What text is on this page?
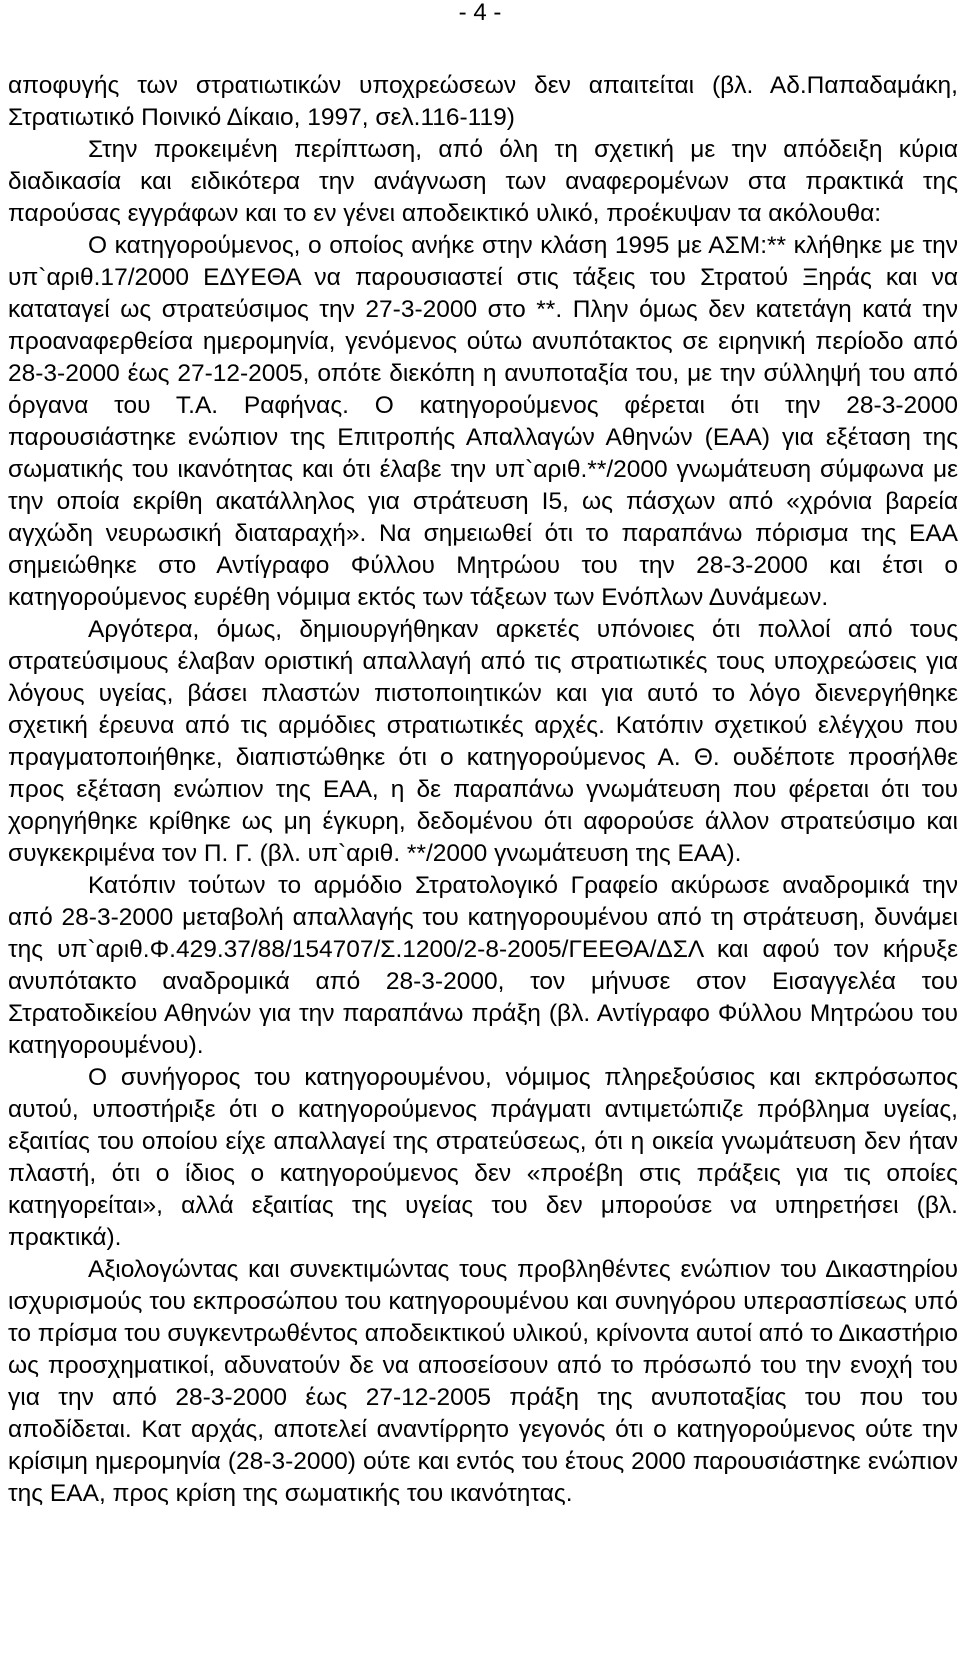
- 4 -

αποφυγής των στρατιωτικών υποχρεώσεων δεν απαιτείται (βλ. Αδ.Παπαδαμάκη, Στρατιωτικό Ποινικό Δίκαιο, 1997, σελ.116-119)

Στην προκειμένη περίπτωση, από όλη τη σχετική με την απόδειξη κύρια διαδικασία και ειδικότερα την ανάγνωση των αναφερομένων στα πρακτικά της παρούσας εγγράφων και το εν γένει αποδεικτικό υλικό, προέκυψαν τα ακόλουθα:

Ο κατηγορούμενος, ο οποίος ανήκε στην κλάση 1995 με ΑΣΜ:** κλήθηκε με την υπ`αριθ.17/2000 ΕΔΥΕΘΑ να παρουσιαστεί στις τάξεις του Στρατού Ξηράς και να καταταγεί ως στρατεύσιμος την 27-3-2000 στο **. Πλην όμως δεν κατετάγη κατά την προαναφερθείσα ημερομηνία, γενόμενος ούτω ανυπότακτος σε ειρηνική περίοδο από 28-3-2000 έως 27-12-2005, οπότε διεκόπη η ανυποταξία του, με την σύλληψή του από όργανα του Τ.Α. Ραφήνας. Ο κατηγορούμενος φέρεται ότι την 28-3-2000 παρουσιάστηκε ενώπιον της Επιτροπής Απαλλαγών Αθηνών (ΕΑΑ) για εξέταση της σωματικής του ικανότητας και ότι έλαβε την υπ`αριθ.**/2000 γνωμάτευση σύμφωνα με την οποία εκρίθη ακατάλληλος για στράτευση Ι5, ως πάσχων από «χρόνια βαρεία αγχώδη νευρωσική διαταραχή». Να σημειωθεί ότι το παραπάνω πόρισμα της ΕΑΑ σημειώθηκε στο Αντίγραφο Φύλλου Μητρώου του την 28-3-2000 και έτσι ο κατηγορούμενος ευρέθη νόμιμα εκτός των τάξεων των Ενόπλων Δυνάμεων.

Αργότερα, όμως, δημιουργήθηκαν αρκετές υπόνοιες ότι πολλοί από τους στρατεύσιμους έλαβαν οριστική απαλλαγή από τις στρατιωτικές τους υποχρεώσεις για λόγους υγείας, βάσει πλαστών πιστοποιητικών και για αυτό το λόγο διενεργήθηκε σχετική έρευνα από τις αρμόδιες στρατιωτικές αρχές. Κατόπιν σχετικού ελέγχου που πραγματοποιήθηκε, διαπιστώθηκε ότι ο κατηγορούμενος Α. Θ. ουδέποτε προσήλθε προς εξέταση ενώπιον της ΕΑΑ, η δε παραπάνω γνωμάτευση που φέρεται ότι του χορηγήθηκε κρίθηκε ως μη έγκυρη, δεδομένου ότι αφορούσε άλλον στρατεύσιμο και συγκεκριμένα τον Π. Γ. (βλ. υπ`αριθ. **/2000 γνωμάτευση της ΕΑΑ).

Κατόπιν τούτων το αρμόδιο Στρατολογικό Γραφείο ακύρωσε αναδρομικά την από 28-3-2000 μεταβολή απαλλαγής του κατηγορουμένου από τη στράτευση, δυνάμει της υπ`αριθ.Φ.429.37/88/154707/Σ.1200/2-8-2005/ΓΕΕΘΑ/ΔΣΛ και αφού τον κήρυξε ανυπότακτο αναδρομικά από 28-3-2000, τον μήνυσε στον Εισαγγελέα του Στρατοδικείου Αθηνών για την παραπάνω πράξη (βλ. Αντίγραφο Φύλλου Μητρώου του κατηγορουμένου).

Ο συνήγορος του κατηγορουμένου, νόμιμος πληρεξούσιος και εκπρόσωπος αυτού, υποστήριξε ότι ο κατηγορούμενος πράγματι αντιμετώπιζε πρόβλημα υγείας, εξαιτίας του οποίου είχε απαλλαγεί της στρατεύσεως, ότι η οικεία γνωμάτευση δεν ήταν πλαστή, ότι ο ίδιος ο κατηγορούμενος δεν «προέβη στις πράξεις για τις οποίες κατηγορείται», αλλά εξαιτίας της υγείας του δεν μπορούσε να υπηρετήσει (βλ. πρακτικά).

Αξιολογώντας και συνεκτιμώντας τους προβληθέντες ενώπιον του Δικαστηρίου ισχυρισμούς του εκπροσώπου του κατηγορουμένου και συνηγόρου υπερασπίσεως υπό το πρίσμα του συγκεντρωθέντος αποδεικτικού υλικού, κρίνοντα αυτοί από το Δικαστήριο ως προσχηματικοί, αδυνατούν δε να αποσείσουν από το πρόσωπό του την ενοχή του για την από 28-3-2000 έως 27-12-2005 πράξη της ανυποταξίας του που του αποδίδεται. Κατ αρχάς, αποτελεί αναντίρρητο γεγονός ότι ο κατηγορούμενος ούτε την κρίσιμη ημερομηνία (28-3-2000) ούτε και εντός του έτους 2000 παρουσιάστηκε ενώπιον της ΕΑΑ, προς κρίση της σωματικής του ικανότητας.
